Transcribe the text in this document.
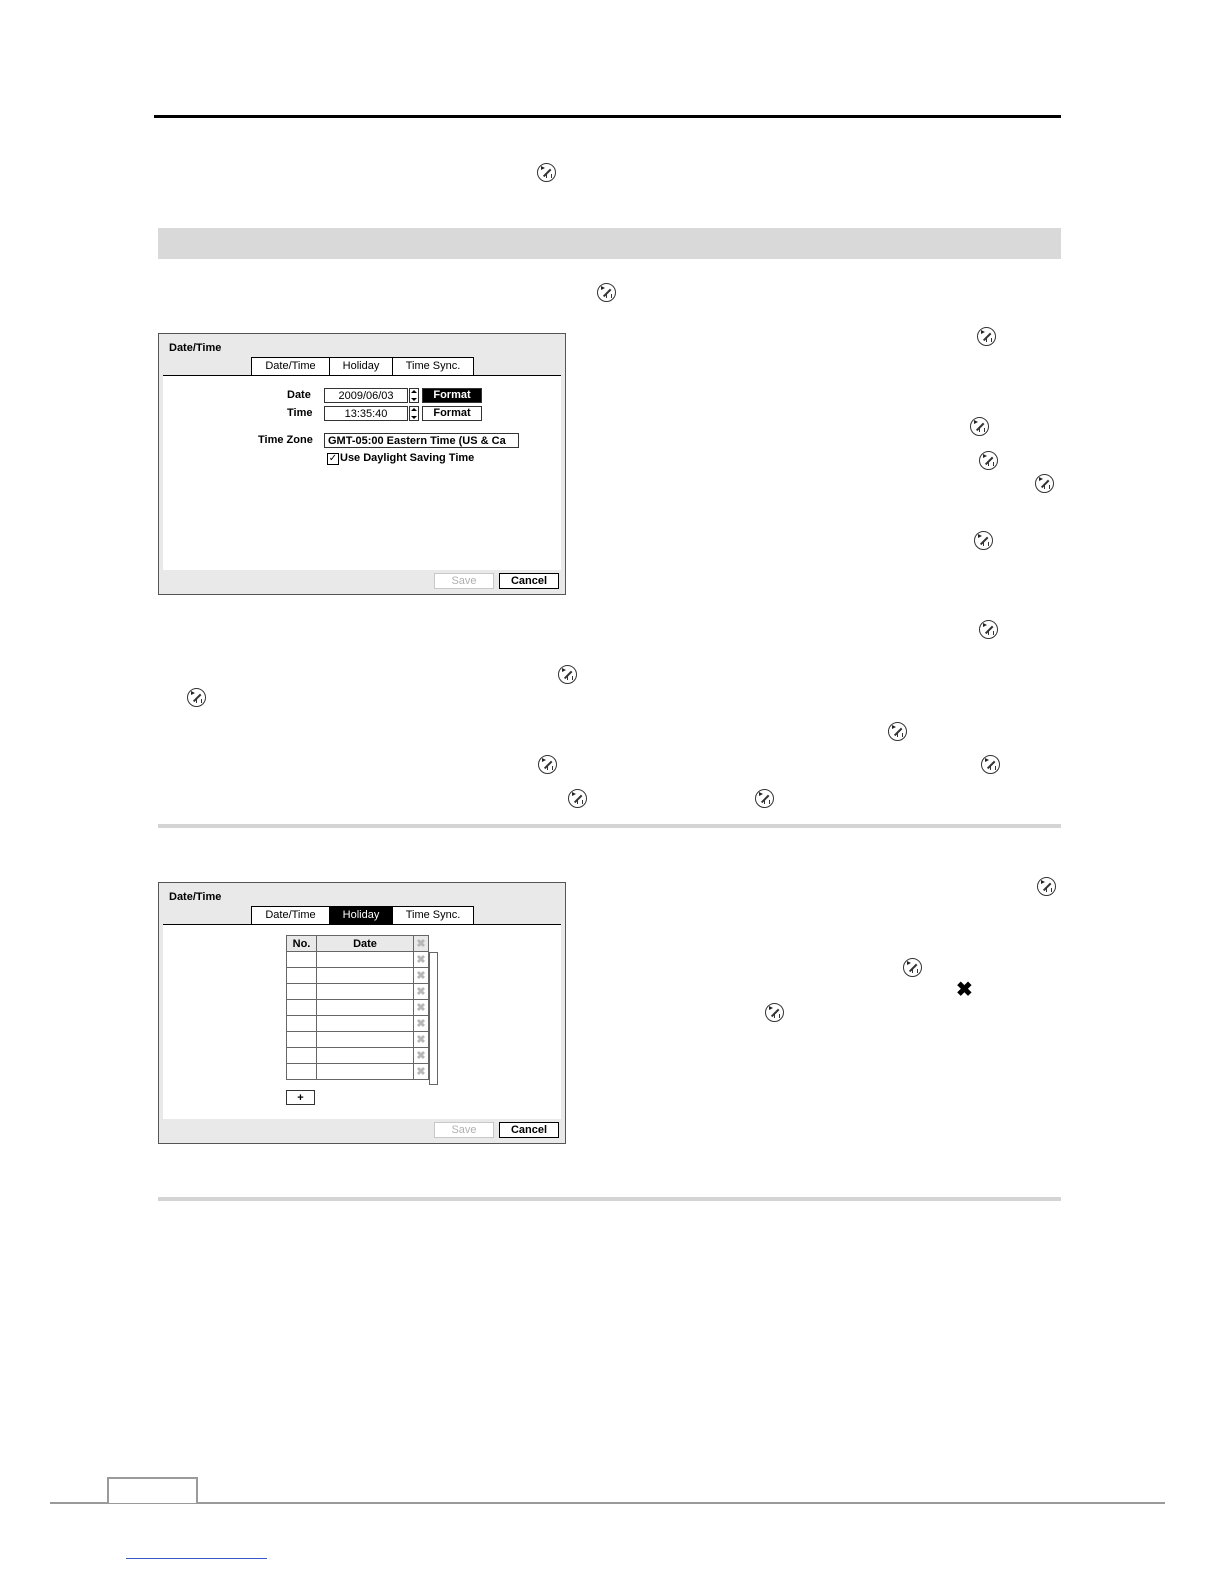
Date/Time
Date	2009/06/03	Format
Time	13:35:40	Format
Time Zone	GMT-05:00 Eastern Time (US & Ca
✓ Use Daylight Saving Time
Date/Time	Holiday	Time Sync.
Save	Cancel
Date/Time
No.	Date	✖	
		✖	
		✖	
		✖	
		✖	
		✖	
		✖	
		✖	
		✖	
+
Date/Time	Holiday	Time Sync.
Save	Cancel
✖
